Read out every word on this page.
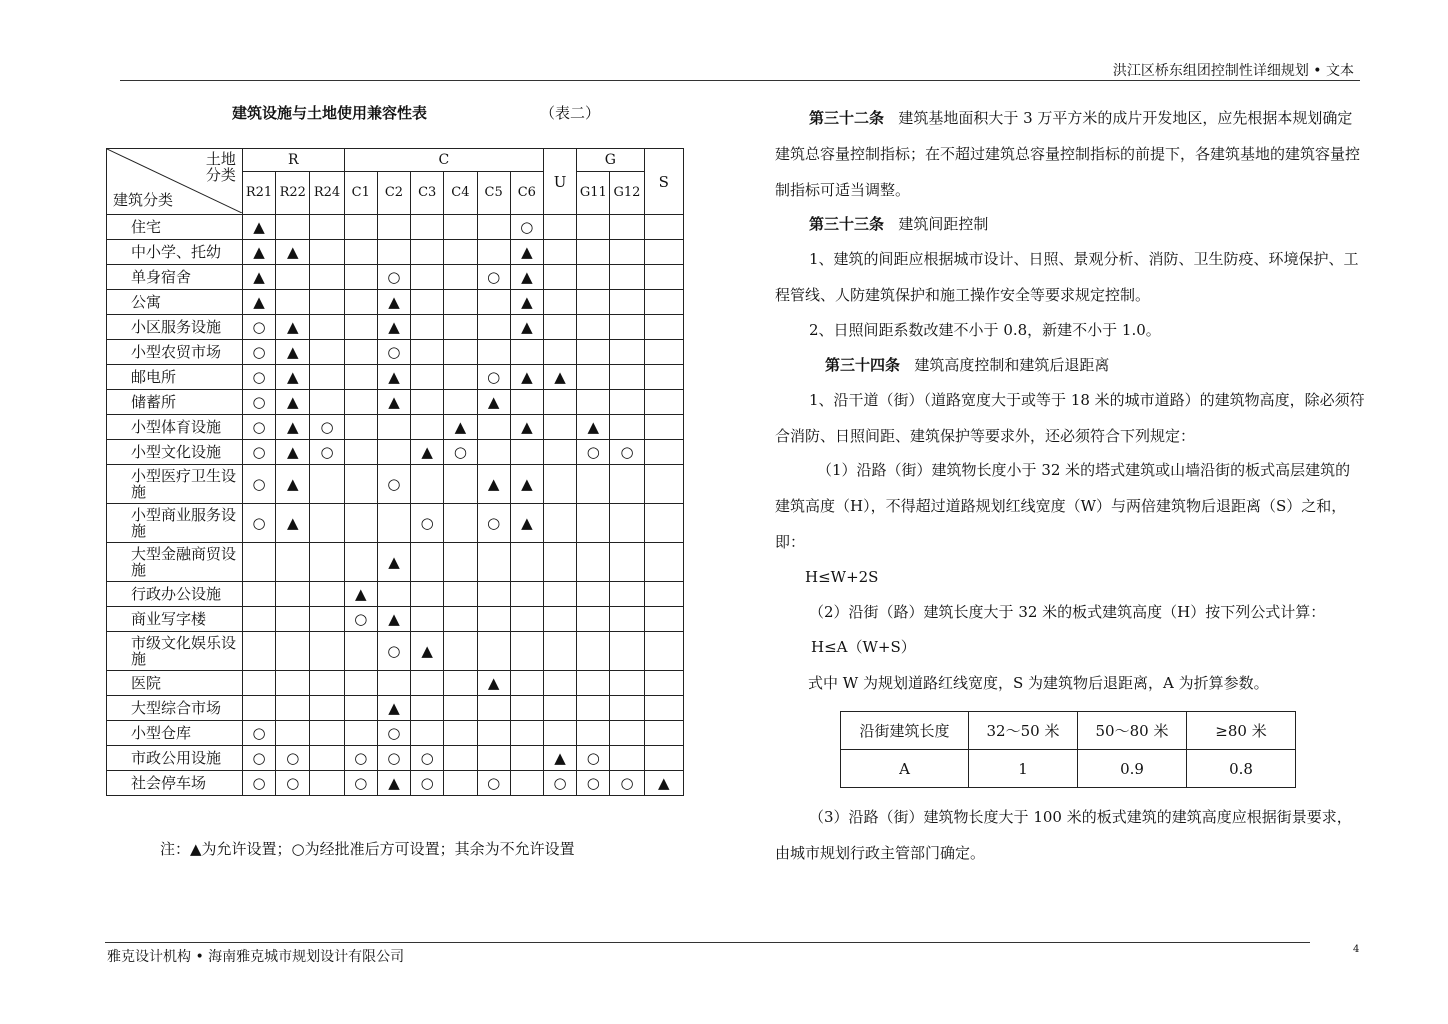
洪江区桥东组团控制性详细规划 • 文本
建筑设施与土地使用兼容性表	（表二）
土地
分类
建筑分类	R			C						U	G		S
	R21	R22	R24	C1	C2	C3	C4	C5	C6		G11	G12	
住宅	▲								○				
中小学、托幼	▲	▲							▲				
单身宿舍	▲				○			○	▲				
公寓	▲				▲				▲				
小区服务设施	○	▲			▲				▲				
小型农贸市场	○	▲			○								
邮电所	○	▲			▲			○	▲	▲			
储蓄所	○	▲			▲			▲					
小型体育设施	○	▲	○				▲		▲		▲		
小型文化设施	○	▲	○			▲	○				○	○	
小型医疗卫生设施	○	▲			○			▲	▲				
小型商业服务设施	○	▲				○		○	▲				
大型金融商贸设施					▲								
行政办公设施				▲									
商业写字楼				○	▲								
市级文化娱乐设施					○	▲							
医院								▲					
大型综合市场					▲								
小型仓库	○				○								
市政公用设施	○	○		○	○	○				▲	○		
社会停车场	○	○		○	▲	○		○		○	○	○	▲
注：▲为允许设置；○为经批准后方可设置；其余为不允许设置

第三十二条 建筑基地面积大于 3 万平方米的成片开发地区，应先根据本规划确定建筑总容量控制指标；在不超过建筑总容量控制指标的前提下，各建筑基地的建筑容量控制指标可适当调整。

第三十三条 建筑间距控制

1、建筑的间距应根据城市设计、日照、景观分析、消防、卫生防疫、环境保护、工程管线、人防建筑保护和施工操作安全等要求规定控制。

2、日照间距系数改建不小于 0.8，新建不小于 1.0。

第三十四条 建筑高度控制和建筑后退距离

1、沿干道（街）（道路宽度大于或等于 18 米的城市道路）的建筑物高度，除必须符合消防、日照间距、建筑保护等要求外，还必须符合下列规定：

（1）沿路（街）建筑物长度小于 32 米的塔式建筑或山墙沿街的板式高层建筑的建筑高度（H），不得超过道路规划红线宽度（W）与两倍建筑物后退距离（S）之和，即：

H≤W+2S

（2）沿街（路）建筑长度大于 32 米的板式建筑高度（H）按下列公式计算：

H≤A（W+S）

式中 W 为规划道路红线宽度，S 为建筑物后退距离，A 为折算参数。

沿街建筑长度	32～50 米	50～80 米	≥80 米
A	1	0.9	0.8

（3）沿路（街）建筑物长度大于 100 米的板式建筑的建筑高度应根据街景要求，由城市规划行政主管部门确定。

雅克设计机构 • 海南雅克城市规划设计有限公司	4
